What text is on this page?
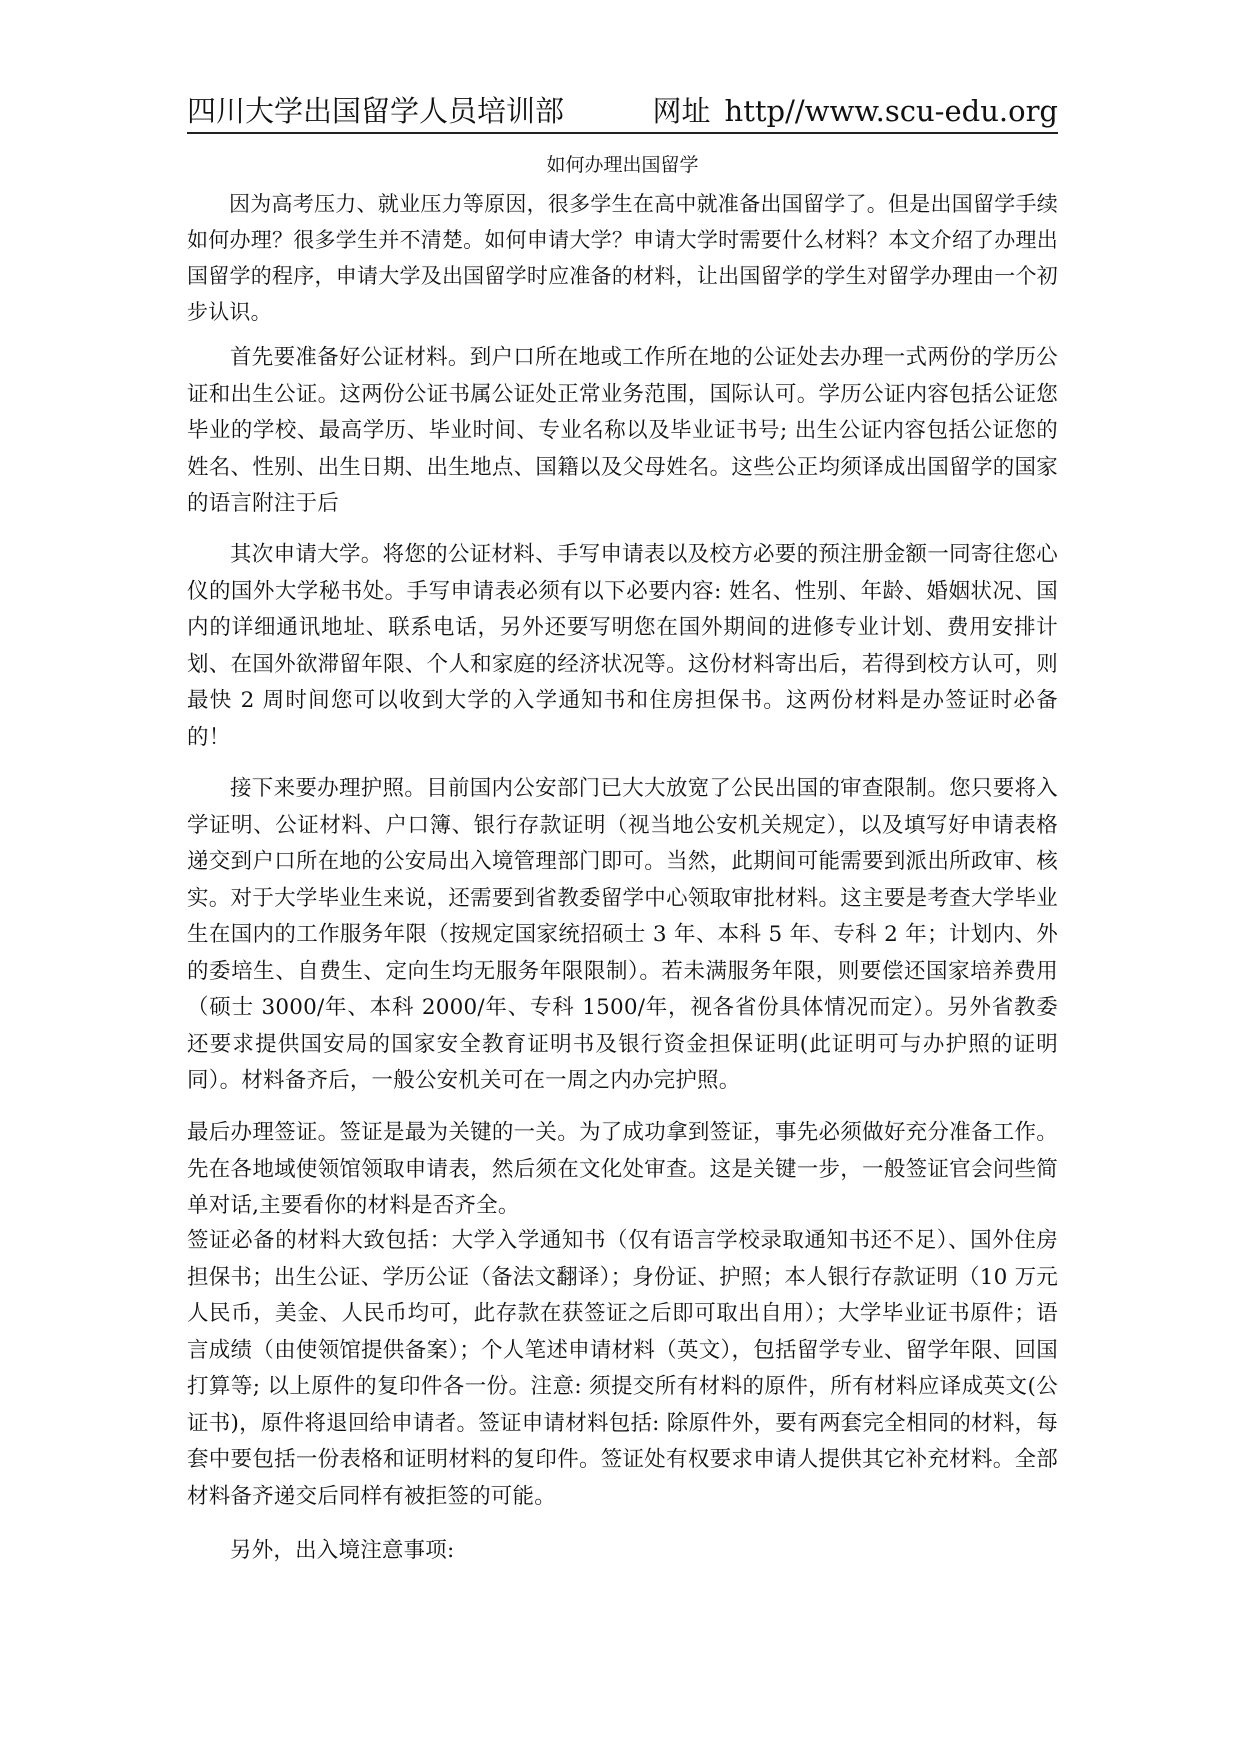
四川大学出国留学人员培训部	网址 http//www.scu-edu.org
如何办理出国留学

因为高考压力、就业压力等原因，很多学生在高中就准备出国留学了。但是出国留学手续如何办理？很多学生并不清楚。如何申请大学？申请大学时需要什么材料？本文介绍了办理出国留学的程序，申请大学及出国留学时应准备的材料，让出国留学的学生对留学办理由一个初步认识。

首先要准备好公证材料。到户口所在地或工作所在地的公证处去办理一式两份的学历公证和出生公证。这两份公证书属公证处正常业务范围，国际认可。学历公证内容包括公证您毕业的学校、最高学历、毕业时间、专业名称以及毕业证书号; 出生公证内容包括公证您的姓名、性别、出生日期、出生地点、国籍以及父母姓名。这些公正均须译成出国留学的国家的语言附注于后

其次申请大学。将您的公证材料、手写申请表以及校方必要的预注册金额一同寄往您心仪的国外大学秘书处。手写申请表必须有以下必要内容: 姓名、性别、年龄、婚姻状况、国内的详细通讯地址、联系电话，另外还要写明您在国外期间的进修专业计划、费用安排计划、在国外欲滞留年限、个人和家庭的经济状况等。这份材料寄出后，若得到校方认可，则最快 2 周时间您可以收到大学的入学通知书和住房担保书。这两份材料是办签证时必备的！

接下来要办理护照。目前国内公安部门已大大放宽了公民出国的审查限制。您只要将入学证明、公证材料、户口簿、银行存款证明（视当地公安机关规定），以及填写好申请表格递交到户口所在地的公安局出入境管理部门即可。当然，此期间可能需要到派出所政审、核实。对于大学毕业生来说，还需要到省教委留学中心领取审批材料。这主要是考查大学毕业生在国内的工作服务年限（按规定国家统招硕士 3 年、本科 5 年、专科 2 年；计划内、外的委培生、自费生、定向生均无服务年限限制）。若未满服务年限，则要偿还国家培养费用（硕士 3000/年、本科 2000/年、专科 1500/年，视各省份具体情况而定）。另外省教委还要求提供国安局的国家安全教育证明书及银行资金担保证明(此证明可与办护照的证明同）。材料备齐后，一般公安机关可在一周之内办完护照。

最后办理签证。签证是最为关键的一关。为了成功拿到签证，事先必须做好充分准备工作。先在各地域使领馆领取申请表，然后须在文化处审查。这是关键一步，一般签证官会问些简单对话,主要看你的材料是否齐全。

签证必备的材料大致包括：大学入学通知书（仅有语言学校录取通知书还不足）、国外住房担保书；出生公证、学历公证（备法文翻译）；身份证、护照；本人银行存款证明（10 万元人民币，美金、人民币均可，此存款在获签证之后即可取出自用）；大学毕业证书原件；语言成绩（由使领馆提供备案）；个人笔述申请材料（英文），包括留学专业、留学年限、回国打算等; 以上原件的复印件各一份。注意: 须提交所有材料的原件，所有材料应译成英文(公证书)，原件将退回给申请者。签证申请材料包括: 除原件外，要有两套完全相同的材料，每套中要包括一份表格和证明材料的复印件。签证处有权要求申请人提供其它补充材料。全部材料备齐递交后同样有被拒签的可能。

另外，出入境注意事项:
